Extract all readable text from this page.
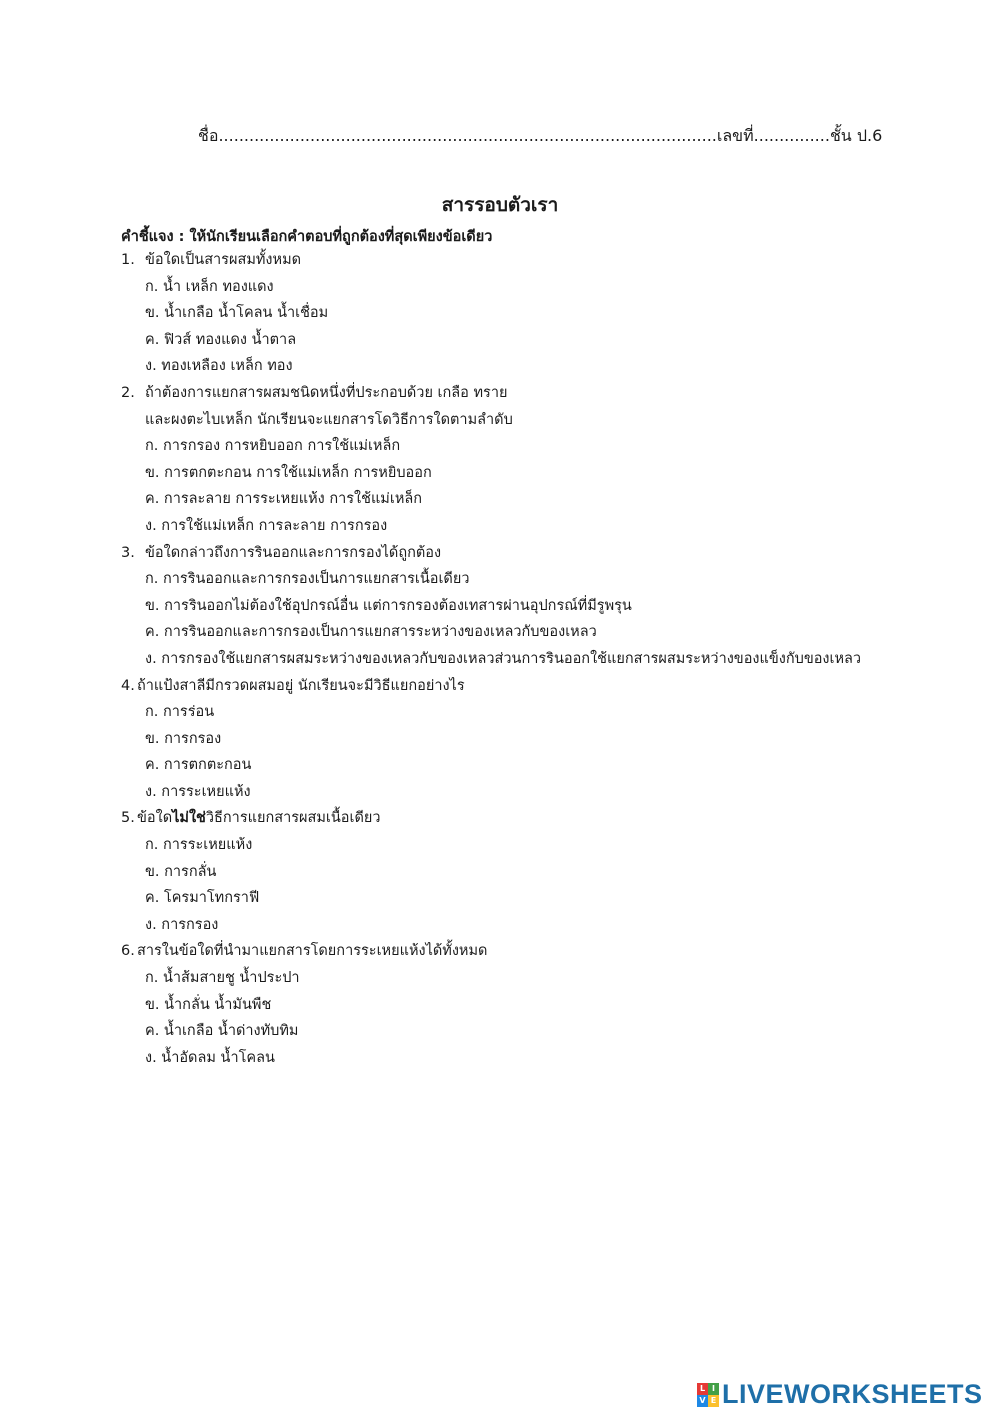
ชื่อ..................................................................................................เลขที่...............ชั้น ป.6
สารรอบตัวเรา
คำชี้แจง : ให้นักเรียนเลือกคำตอบที่ถูกต้องที่สุดเพียงข้อเดียว
1. ข้อใดเป็นสารผสมทั้งหมด
ก. น้ำ เหล็ก ทองแดง
ข. น้ำเกลือ น้ำโคลน น้ำเชื่อม
ค. ฟิวส์ ทองแดง น้ำตาล
ง. ทองเหลือง เหล็ก ทอง
2. ถ้าต้องการแยกสารผสมชนิดหนึ่งที่ประกอบด้วย เกลือ ทราย
และผงตะไบเหล็ก นักเรียนจะแยกสารโดวิธีการใดตามลำดับ
ก. การกรอง การหยิบออก การใช้แม่เหล็ก
ข. การตกตะกอน การใช้แม่เหล็ก การหยิบออก
ค. การละลาย การระเหยแห้ง การใช้แม่เหล็ก
ง. การใช้แม่เหล็ก การละลาย การกรอง
3. ข้อใดกล่าวถึงการรินออกและการกรองได้ถูกต้อง
ก. การรินออกและการกรองเป็นการแยกสารเนื้อเดียว
ข. การรินออกไม่ต้องใช้อุปกรณ์อื่น แต่การกรองต้องเทสารผ่านอุปกรณ์ที่มีรูพรุน
ค. การรินออกและการกรองเป็นการแยกสารระหว่างของเหลวกับของเหลว
ง. การกรองใช้แยกสารผสมระหว่างของเหลวกับของเหลวส่วนการรินออกใช้แยกสารผสมระหว่างของแข็งกับของเหลว
4. ถ้าแป้งสาลีมีกรวดผสมอยู่ นักเรียนจะมีวิธีแยกอย่างไร
ก. การร่อน
ข. การกรอง
ค. การตกตะกอน
ง. การระเหยแห้ง
5. ข้อใดไม่ใช่วิธีการแยกสารผสมเนื้อเดียว
ก. การระเหยแห้ง
ข. การกลั่น
ค. โครมาโทกราฟี
ง. การกรอง
6. สารในข้อใดที่นำมาแยกสารโดยการระเหยแห้งได้ทั้งหมด
ก. น้ำส้มสายชู น้ำประปา
ข. น้ำกลั่น น้ำมันพืช
ค. น้ำเกลือ น้ำด่างทับทิม
ง. น้ำอัดลม น้ำโคลน
L I
V E LIVEWORKSHEETS
